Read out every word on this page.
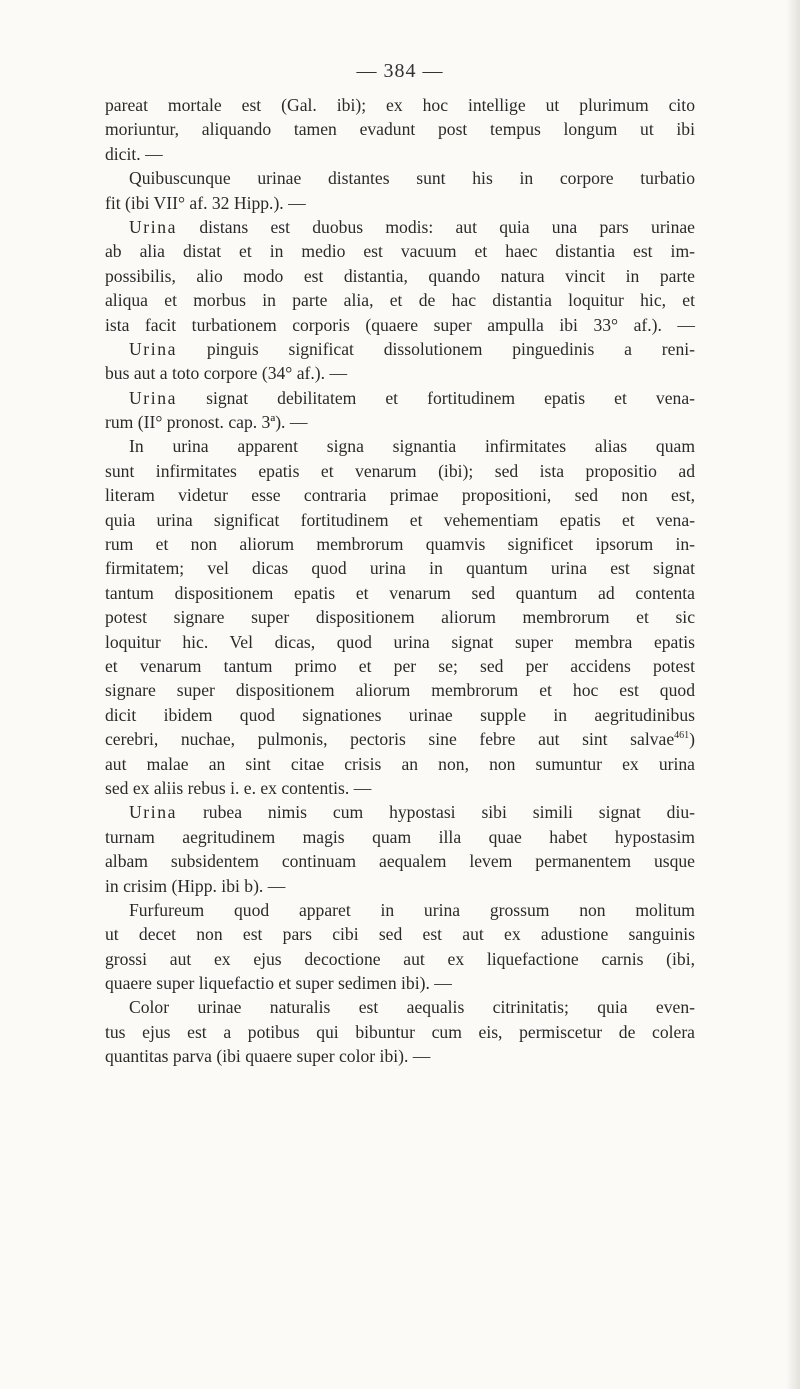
— 384 —
pareat mortale est (Gal. ibi); ex hoc intellige ut plurimum cito
moriuntur, aliquando tamen evadunt post tempus longum ut ibi
dicit. —
Quibuscunque urinae distantes sunt his in corpore turbatio
fit (ibi VII° af. 32 Hipp.). —
Urina distans est duobus modis: aut quia una pars urinae
ab alia distat et in medio est vacuum et haec distantia est im-
possibilis, alio modo est distantia, quando natura vincit in parte
aliqua et morbus in parte alia, et de hac distantia loquitur hic, et
ista facit turbationem corporis (quaere super ampulla ibi 33° af.). —
Urina pinguis significat dissolutionem pinguedinis a reni-
bus aut a toto corpore (34° af.). —
Urina signat debilitatem et fortitudinem epatis et vena-
rum (II° pronost. cap. 3ª). —
In urina apparent signa signantia infirmitates alias quam
sunt infirmitates epatis et venarum (ibi); sed ista propositio ad
literam videtur esse contraria primae propositioni, sed non est,
quia urina significat fortitudinem et vehementiam epatis et vena-
rum et non aliorum membrorum quamvis significet ipsorum in-
firmitatem; vel dicas quod urina in quantum urina est signat
tantum dispositionem epatis et venarum sed quantum ad contenta
potest signare super dispositionem aliorum membrorum et sic
loquitur hic. Vel dicas, quod urina signat super membra epatis
et venarum tantum primo et per se; sed per accidens potest
signare super dispositionem aliorum membrorum et hoc est quod
dicit ibidem quod signationes urinae supple in aegritudinibus
cerebri, nuchae, pulmonis, pectoris sine febre aut sint salvae$^{461}$)
aut malae an sint citae crisis an non, non sumuntur ex urina
sed ex aliis rebus i. e. ex contentis. —
Urina rubea nimis cum hypostasi sibi simili signat diu-
turnam aegritudinem magis quam illa quae habet hypostasim
albam subsidentem continuam aequalem levem permanentem usque
in crisim (Hipp. ibi b). —
Furfureum quod apparet in urina grossum non molitum
ut decet non est pars cibi sed est aut ex adustione sanguinis
grossi aut ex ejus decoctione aut ex liquefactione carnis (ibi,
quaere super liquefactio et super sedimen ibi). —
Color urinae naturalis est aequalis citrinitatis; quia even-
tus ejus est a potibus qui bibuntur cum eis, permiscetur de colera
quantitas parva (ibi quaere super color ibi). —
